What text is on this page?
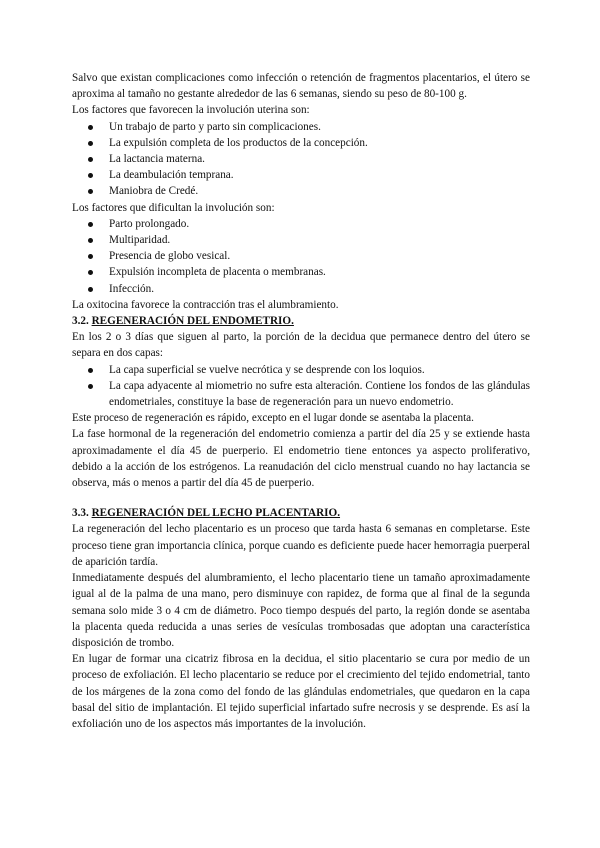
Salvo que existan complicaciones como infección o retención de fragmentos placentarios, el útero se aproxima al tamaño no gestante alrededor de las 6 semanas, siendo su peso de 80-100 g.

Los factores que favorecen la involución uterina son:

Un trabajo de parto y parto sin complicaciones.
La expulsión completa de los productos de la concepción.
La lactancia materna.
La deambulación temprana.
Maniobra de Credé.

Los factores que dificultan la involución son:

Parto prolongado.
Multiparidad.
Presencia de globo vesical.
Expulsión incompleta de placenta o membranas.
Infección.

La oxitocina favorece la contracción tras el alumbramiento.

3.2. REGENERACIÓN DEL ENDOMETRIO.

En los 2 o 3 días que siguen al parto, la porción de la decidua que permanece dentro del útero se separa en dos capas:

La capa superficial se vuelve necrótica y se desprende con los loquios.
La capa adyacente al miometrio no sufre esta alteración. Contiene los fondos de las glándulas endometriales, constituye la base de regeneración para un nuevo endometrio.

Este proceso de regeneración es rápido, excepto en el lugar donde se asentaba la placenta.

La fase hormonal de la regeneración del endometrio comienza a partir del día 25 y se extiende hasta aproximadamente el día 45 de puerperio. El endometrio tiene entonces ya aspecto proliferativo, debido a la acción de los estrógenos. La reanudación del ciclo menstrual cuando no hay lactancia se observa, más o menos a partir del día 45 de puerperio.

3.3. REGENERACIÓN DEL LECHO PLACENTARIO.

La regeneración del lecho placentario es un proceso que tarda hasta 6 semanas en completarse. Este proceso tiene gran importancia clínica, porque cuando es deficiente puede hacer hemorragia puerperal de aparición tardía.

Inmediatamente después del alumbramiento, el lecho placentario tiene un tamaño aproximadamente igual al de la palma de una mano, pero disminuye con rapidez, de forma que al final de la segunda semana solo mide 3 o 4 cm de diámetro. Poco tiempo después del parto, la región donde se asentaba la placenta queda reducida a unas series de vesículas trombosadas que adoptan una característica disposición de trombo.

En lugar de formar una cicatriz fibrosa en la decidua, el sitio placentario se cura por medio de un proceso de exfoliación. El lecho placentario se reduce por el crecimiento del tejido endometrial, tanto de los márgenes de la zona como del fondo de las glándulas endometriales, que quedaron en la capa basal del sitio de implantación. El tejido superficial infartado sufre necrosis y se desprende. Es así la exfoliación uno de los aspectos más importantes de la involución.
